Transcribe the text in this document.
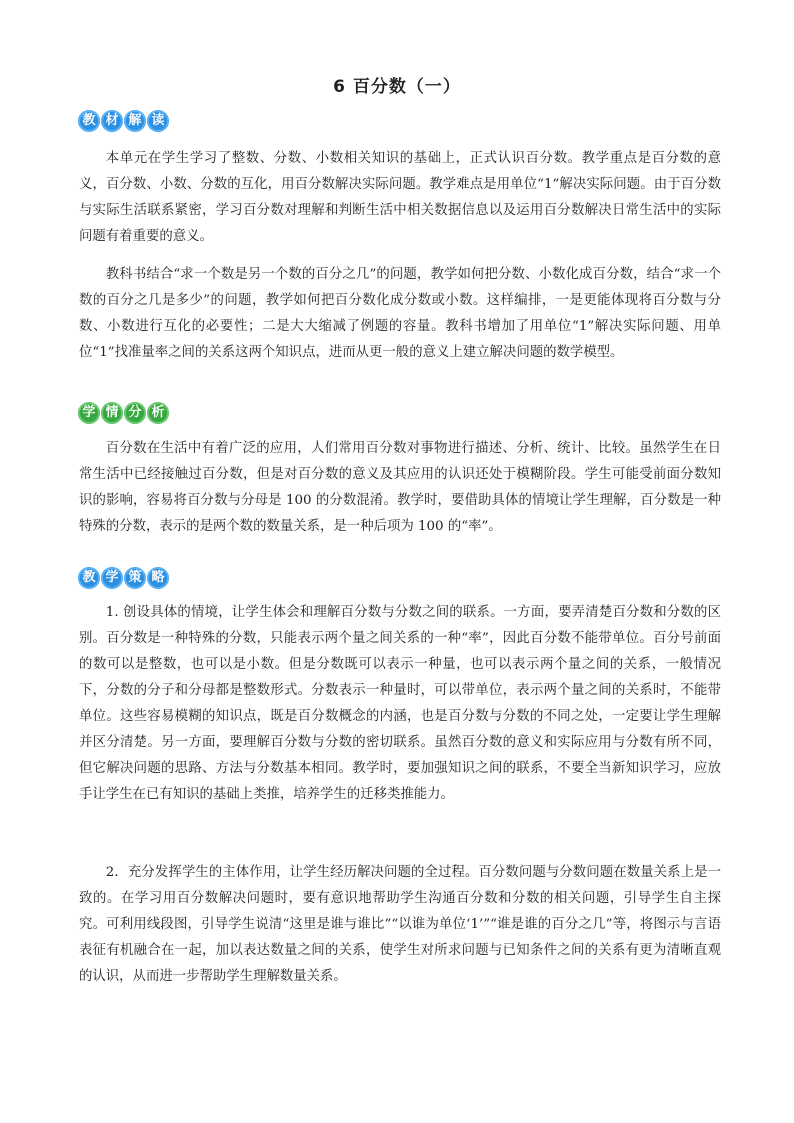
6 百分数（一）
教 材 解 读

本单元在学生学习了整数、分数、小数相关知识的基础上，正式认识百分数。教学重点是百分数的意义，百分数、小数、分数的互化，用百分数解决实际问题。教学难点是用单位“1”解决实际问题。由于百分数与实际生活联系紧密，学习百分数对理解和判断生活中相关数据信息以及运用百分数解决日常生活中的实际问题有着重要的意义。

教科书结合“求一个数是另一个数的百分之几”的问题，教学如何把分数、小数化成百分数，结合“求一个数的百分之几是多少”的问题，教学如何把百分数化成分数或小数。这样编排，一是更能体现将百分数与分数、小数进行互化的必要性；二是大大缩减了例题的容量。教科书增加了用单位“1”解决实际问题、用单位“1”找准量率之间的关系这两个知识点，进而从更一般的意义上建立解决问题的数学模型。

学 情 分 析

百分数在生活中有着广泛的应用，人们常用百分数对事物进行描述、分析、统计、比较。虽然学生在日常生活中已经接触过百分数，但是对百分数的意义及其应用的认识还处于模糊阶段。学生可能受前面分数知识的影响，容易将百分数与分母是 100 的分数混淆。教学时，要借助具体的情境让学生理解，百分数是一种特殊的分数，表示的是两个数的数量关系，是一种后项为 100 的“率”。

教 学 策 略

1. 创设具体的情境，让学生体会和理解百分数与分数之间的联系。一方面，要弄清楚百分数和分数的区别。百分数是一种特殊的分数，只能表示两个量之间关系的一种“率”，因此百分数不能带单位。百分号前面的数可以是整数，也可以是小数。但是分数既可以表示一种量，也可以表示两个量之间的关系，一般情况下，分数的分子和分母都是整数形式。分数表示一种量时，可以带单位，表示两个量之间的关系时，不能带单位。这些容易模糊的知识点，既是百分数概念的内涵，也是百分数与分数的不同之处，一定要让学生理解并区分清楚。另一方面，要理解百分数与分数的密切联系。虽然百分数的意义和实际应用与分数有所不同，但它解决问题的思路、方法与分数基本相同。教学时，要加强知识之间的联系，不要全当新知识学习，应放手让学生在已有知识的基础上类推，培养学生的迁移类推能力。

2．充分发挥学生的主体作用，让学生经历解决问题的全过程。百分数问题与分数问题在数量关系上是一致的。在学习用百分数解决问题时，要有意识地帮助学生沟通百分数和分数的相关问题，引导学生自主探究。可利用线段图，引导学生说清“这里是谁与谁比”“以谁为单位‘1’”“谁是谁的百分之几”等，将图示与言语表征有机融合在一起，加以表达数量之间的关系，使学生对所求问题与已知条件之间的关系有更为清晰直观的认识，从而进一步帮助学生理解数量关系。
